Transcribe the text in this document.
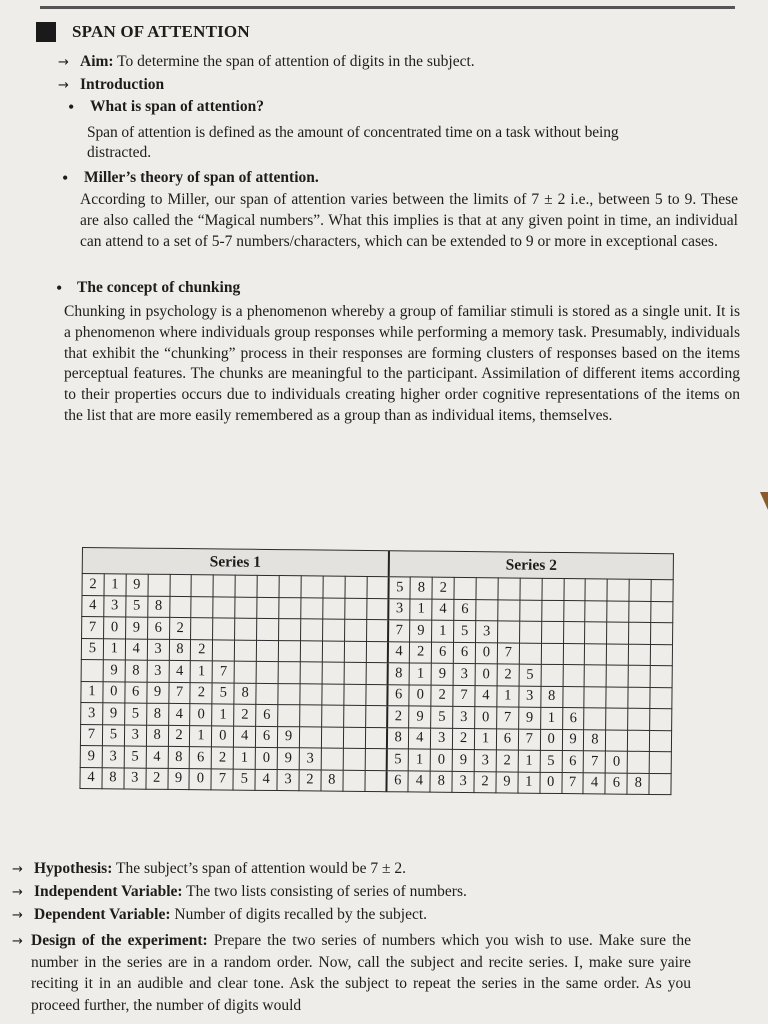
SPAN OF ATTENTION
→ Aim: To determine the span of attention of digits in the subject.
→ Introduction
• What is span of attention?
Span of attention is defined as the amount of concentrated time on a task without being
distracted.
• Miller’s theory of span of attention.
According to Miller, our span of attention varies between the limits of 7 ± 2 i.e., between 5 to 9. These are also called the “Magical numbers”. What this implies is that at any given point in time, an individual can attend to a set of 5-7 numbers/characters, which can be extended to 9 or more in exceptional cases.
• The concept of chunking
Chunking in psychology is a phenomenon whereby a group of familiar stimuli is stored as a single unit. It is a phenomenon where individuals group responses while performing a memory task. Presumably, individuals that exhibit the “chunking” process in their responses are forming clusters of responses based on the items perceptual features. The chunks are meaningful to the participant. Assimilation of different items according to their properties occurs due to individuals creating higher order cognitive representations of the items on the list that are more easily remembered as a group than as individual items, themselves.
Series 1														Series 2												
2	1	9												5	8	2										
4	3	5	8											3	1	4	6									
7	0	9	6	2										7	9	1	5	3								
5	1	4	3	8	2									4	2	6	6	0	7							
	9	8	3	4	1	7								8	1	9	3	0	2	5						
1	0	6	9	7	2	5	8							6	0	2	7	4	1	3	8					
3	9	5	8	4	0	1	2	6						2	9	5	3	0	7	9	1	6				
7	5	3	8	2	1	0	4	6	9					8	4	3	2	1	6	7	0	9	8			
9	3	5	4	8	6	2	1	0	9	3				5	1	0	9	3	2	1	5	6	7	0		
4	8	3	2	9	0	7	5	4	3	2	8			6	4	8	3	2	9	1	0	7	4	6	8	
→ Hypothesis: The subject’s span of attention would be 7 ± 2.
→ Independent Variable: The two lists consisting of series of numbers.
→ Dependent Variable: Number of digits recalled by the subject.
→ Design of the experiment: Prepare the two series of numbers which you wish to use. Make sure the number in the series are in a random order. Now, call the subject and recite series. I, make sure yaire reciting it in an audible and clear tone. Ask the subject to repeat the series in the same order. As you proceed further, the number of digits would
